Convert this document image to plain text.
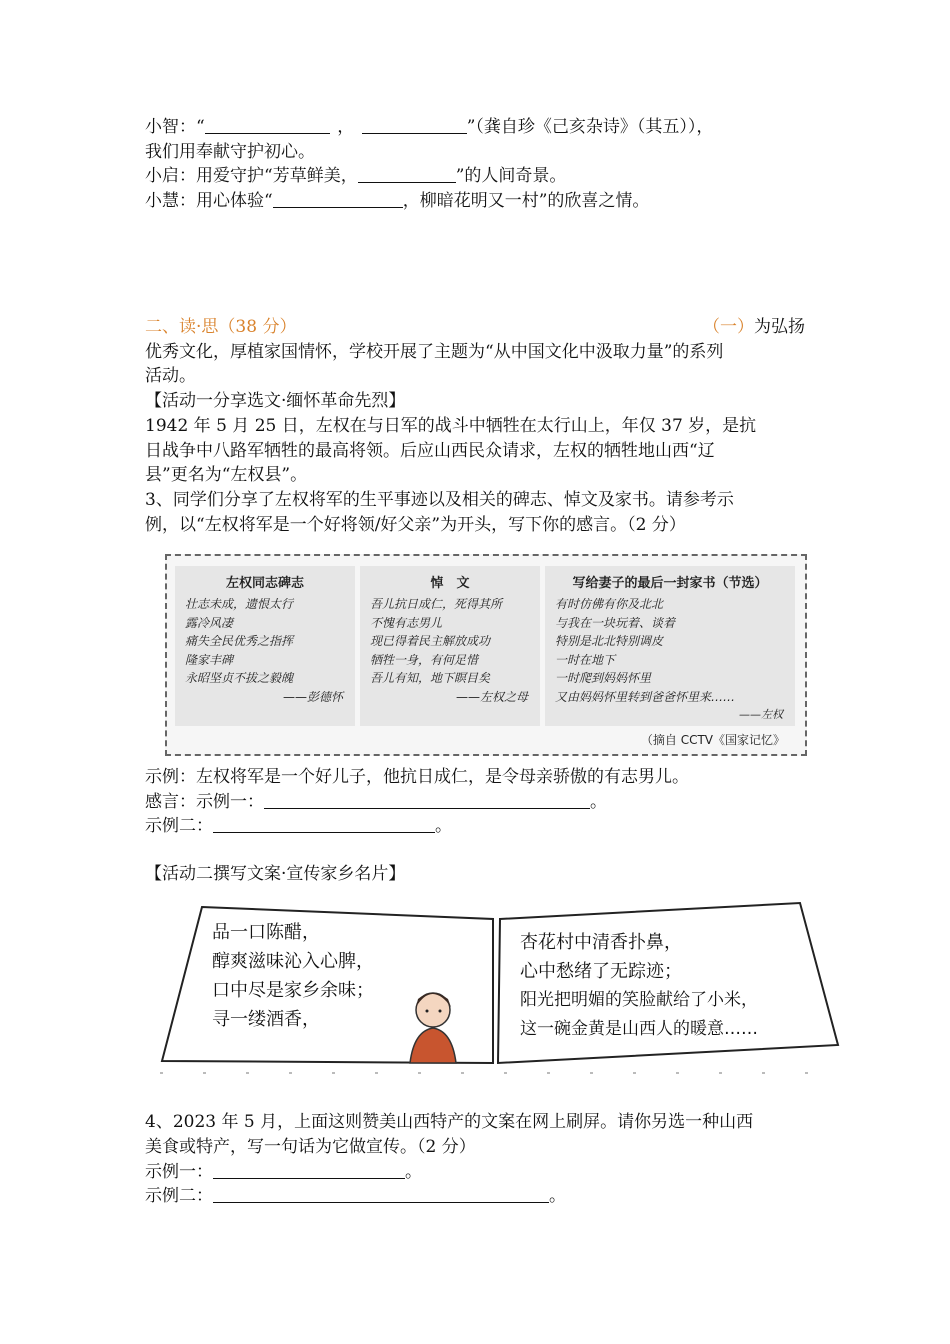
小智：“	，	”（龚自珍《己亥杂诗》（其五）），
我们用奉献守护初心。
小启：用爱守护“芳草鲜美，	”的人间奇景。
小慧：用心体验“	，柳暗花明又一村”的欣喜之情。
二、读·思（38 分）	（一）为弘扬
优秀文化，厚植家国情怀，学校开展了主题为“从中国文化中汲取力量”的系列
活动。
【活动一分享选文·缅怀革命先烈】
1942 年 5 月 25 日，左权在与日军的战斗中牺牲在太行山上，年仅 37 岁，是抗
日战争中八路军牺牲的最高将领。后应山西民众请求，左权的牺牲地山西“辽
县”更名为“左权县”。
3、同学们分享了左权将军的生平事迹以及相关的碑志、悼文及家书。请参考示
例，以“左权将军是一个好将领/好父亲”为开头，写下你的感言。（2 分）
左权同志碑志
壮志未成，遗恨太行
露冷风凄
痛失全民优秀之指挥
隆家丰碑
永昭坚贞不拔之毅魄
——彭德怀
悼　文
吾儿抗日成仁，死得其所
不愧有志男儿
现已得着民主解放成功
牺牲一身，有何足惜
吾儿有知，地下瞑目矣
——左权之母
写给妻子的最后一封家书（节选）
有时仿佛有你及北北
与我在一块玩着、谈着
特别是北北特别调皮
一时在地下
一时爬到妈妈怀里
又由妈妈怀里转到爸爸怀里来……
——左权
（摘自 CCTV《国家记忆》
示例：左权将军是一个好儿子，他抗日成仁，是令母亲骄傲的有志男儿。
感言：示例一：	。
示例二：	。
【活动二撰写文案·宣传家乡名片】
品一口陈醋，
醇爽滋味沁入心脾，
口中尽是家乡余味；
寻一缕酒香，
杏花村中清香扑鼻，
心中愁绪了无踪迹；
阳光把明媚的笑脸献给了小米，
这一碗金黄是山西人的暖意……
4、2023 年 5 月，上面这则赞美山西特产的文案在网上刷屏。请你另选一种山西
美食或特产，写一句话为它做宣传。（2 分）
示例一：	。
示例二：	。
